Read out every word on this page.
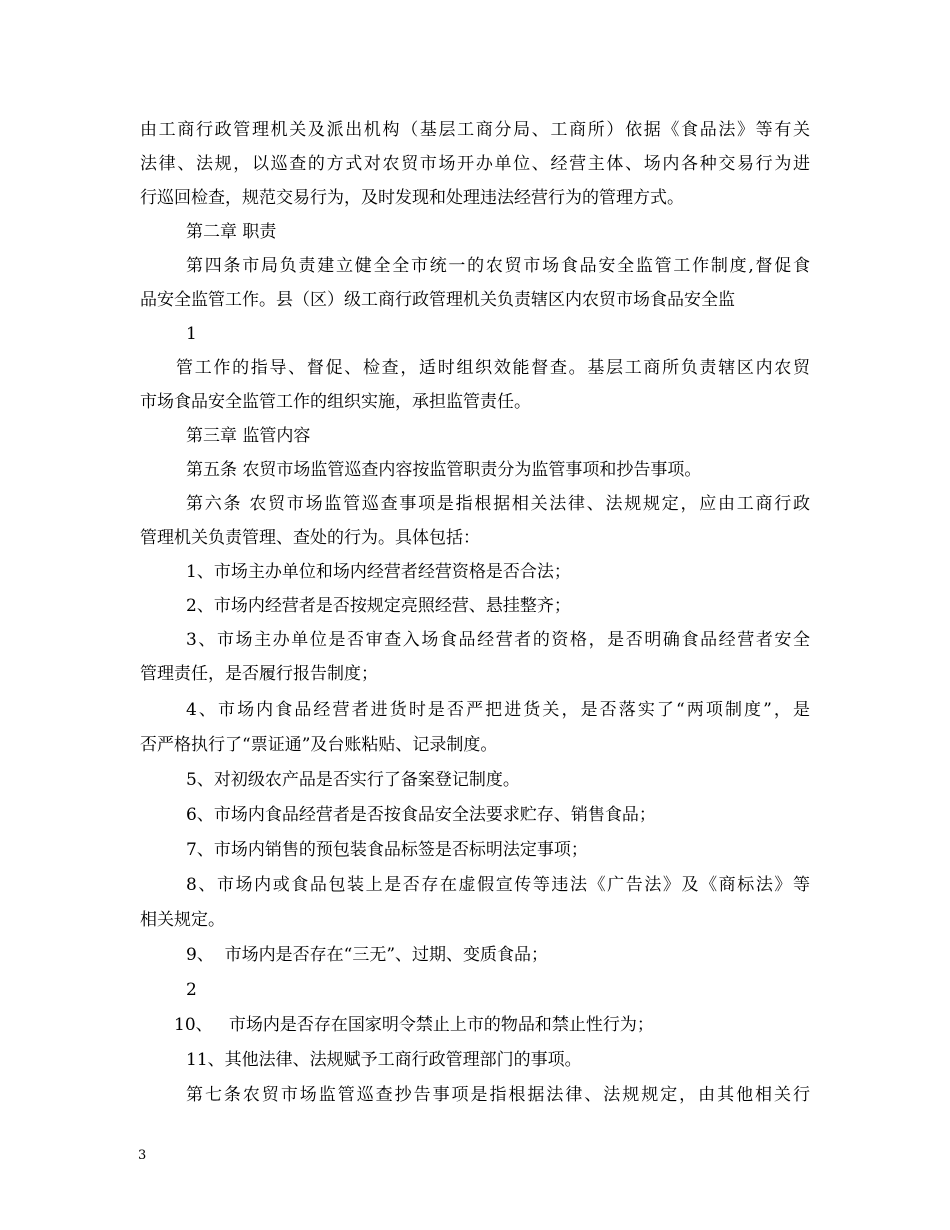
由工商行政管理机关及派出机构（基层工商分局、工商所）依据《食品法》等有关
法律、法规，以巡查的方式对农贸市场开办单位、经营主体、场内各种交易行为进
行巡回检查，规范交易行为，及时发现和处理违法经营行为的管理方式。
第二章 职责
第四条市局负责建立健全全市统一的农贸市场食品安全监管工作制度,督促食
品安全监管工作。县（区）级工商行政管理机关负责辖区内农贸市场食品安全监
1
管工作的指导、督促、检查，适时组织效能督查。基层工商所负责辖区内农贸
市场食品安全监管工作的组织实施，承担监管责任。
第三章 监管内容
第五条 农贸市场监管巡查内容按监管职责分为监管事项和抄告事项。
第六条 农贸市场监管巡查事项是指根据相关法律、法规规定，应由工商行政
管理机关负责管理、查处的行为。具体包括：
1、市场主办单位和场内经营者经营资格是否合法；
2、市场内经营者是否按规定亮照经营、悬挂整齐；
3、市场主办单位是否审查入场食品经营者的资格，是否明确食品经营者安全
管理责任，是否履行报告制度；
4、市场内食品经营者进货时是否严把进货关，是否落实了“两项制度”，是
否严格执行了“票证通”及台账粘贴、记录制度。
5、对初级农产品是否实行了备案登记制度。
6、市场内食品经营者是否按食品安全法要求贮存、销售食品；
7、市场内销售的预包装食品标签是否标明法定事项；
8、市场内或食品包装上是否存在虚假宣传等违法《广告法》及《商标法》等
相关规定。
9、  市场内是否存在“三无”、过期、变质食品；
2
10、   市场内是否存在国家明令禁止上市的物品和禁止性行为；
11、其他法律、法规赋予工商行政管理部门的事项。
第七条农贸市场监管巡查抄告事项是指根据法律、法规规定，由其他相关行
3
